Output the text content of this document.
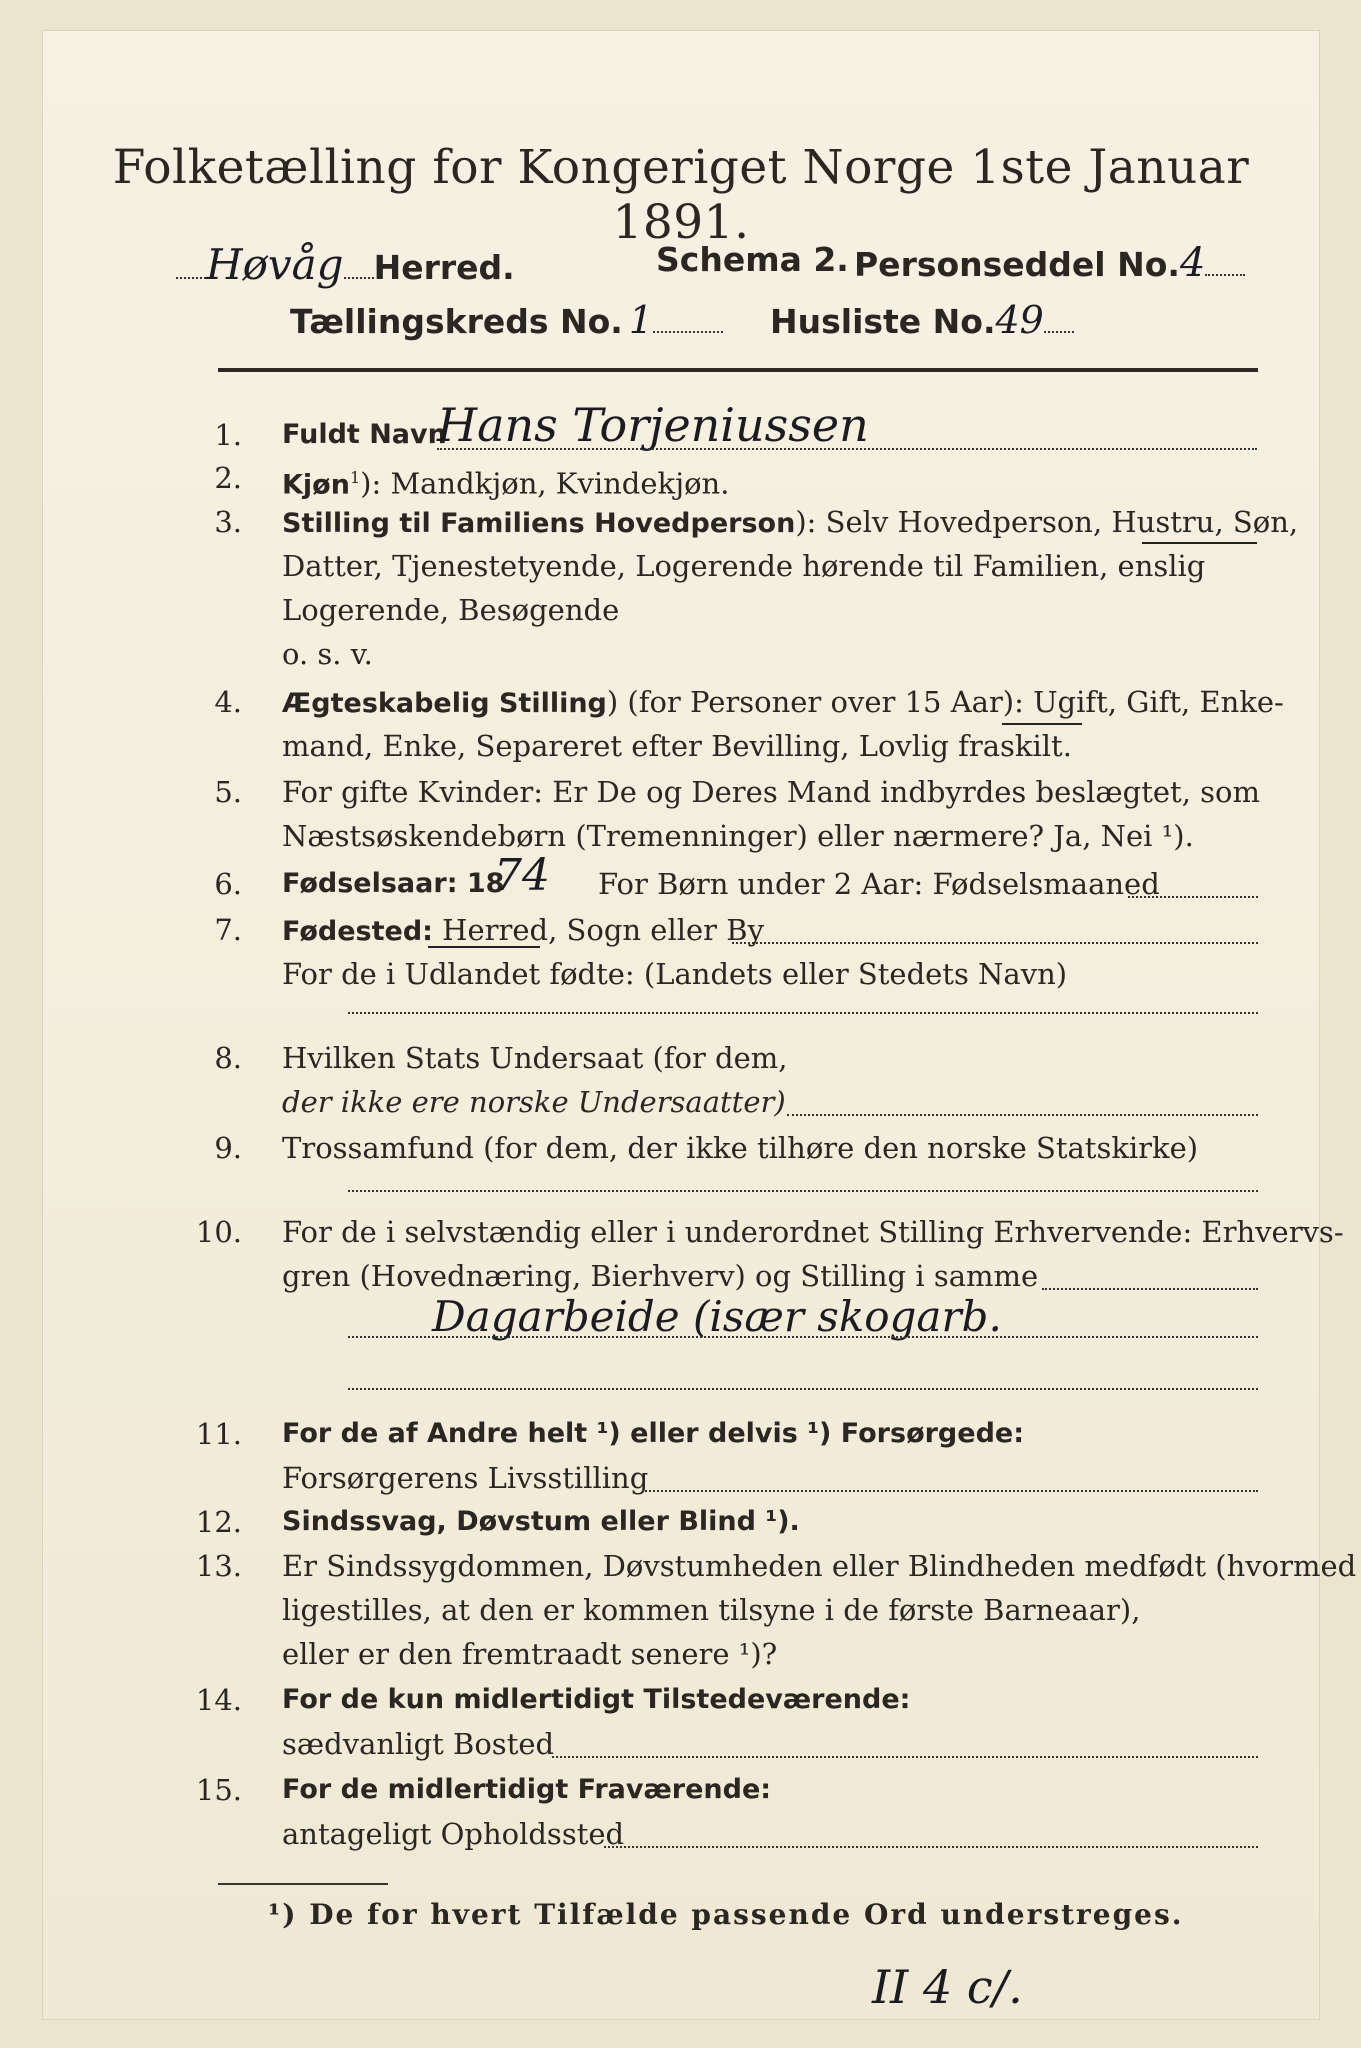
Folketælling for Kongeriget Norge 1ste Januar 1891.
Høvåg Herred.	Schema 2. Personseddel No.4
Tællingskreds No. 1	Husliste No.49
1. Fuldt Navn
Hans Torjeniussen
2. Kjøn$^1$): Mandkjøn, Kvindekjøn.
3. Stilling til Familiens Hovedperson): Selv Hovedperson, Hustru, Søn,
Datter, Tjenestetyende, Logerende hørende til Familien, enslig
Logerende, Besøgende
o. s. v.
4. Ægteskabelig Stilling) (for Personer over 15 Aar): Ugift, Gift, Enke-
mand, Enke, Separeret efter Bevilling, Lovlig fraskilt.
5. For gifte Kvinder: Er De og Deres Mand indbyrdes beslægtet, som
Næstsøskendebørn (Tremenninger) eller nærmere? Ja, Nei ¹).
6. Fødselsaar: 18
74 For Børn under 2 Aar: Fødselsmaaned
7. Fødested: Herred, Sogn eller By
For de i Udlandet fødte: (Landets eller Stedets Navn)
8. Hvilken Stats Undersaat (for dem,
der ikke ere norske Undersaatter)
9. Trossamfund (for dem, der ikke tilhøre den norske Statskirke)
10. For de i selvstændig eller i underordnet Stilling Erhvervende: Erhvervs-
gren (Hovednæring, Bierhverv) og Stilling i samme
Dagarbeide (især skogarb.
11. For de af Andre helt ¹) eller delvis ¹) Forsørgede:
Forsørgerens Livsstilling
12. Sindssvag, Døvstum eller Blind ¹).
13. Er Sindssygdommen, Døvstumheden eller Blindheden medfødt (hvormed
ligestilles, at den er kommen tilsyne i de første Barneaar),
eller er den fremtraadt senere ¹)?
14. For de kun midlertidigt Tilstedeværende:
sædvanligt Bosted
15. For de midlertidigt Fraværende:
antageligt Opholdssted
¹) De for hvert Tilfælde passende Ord understreges.
II 4 c/.
